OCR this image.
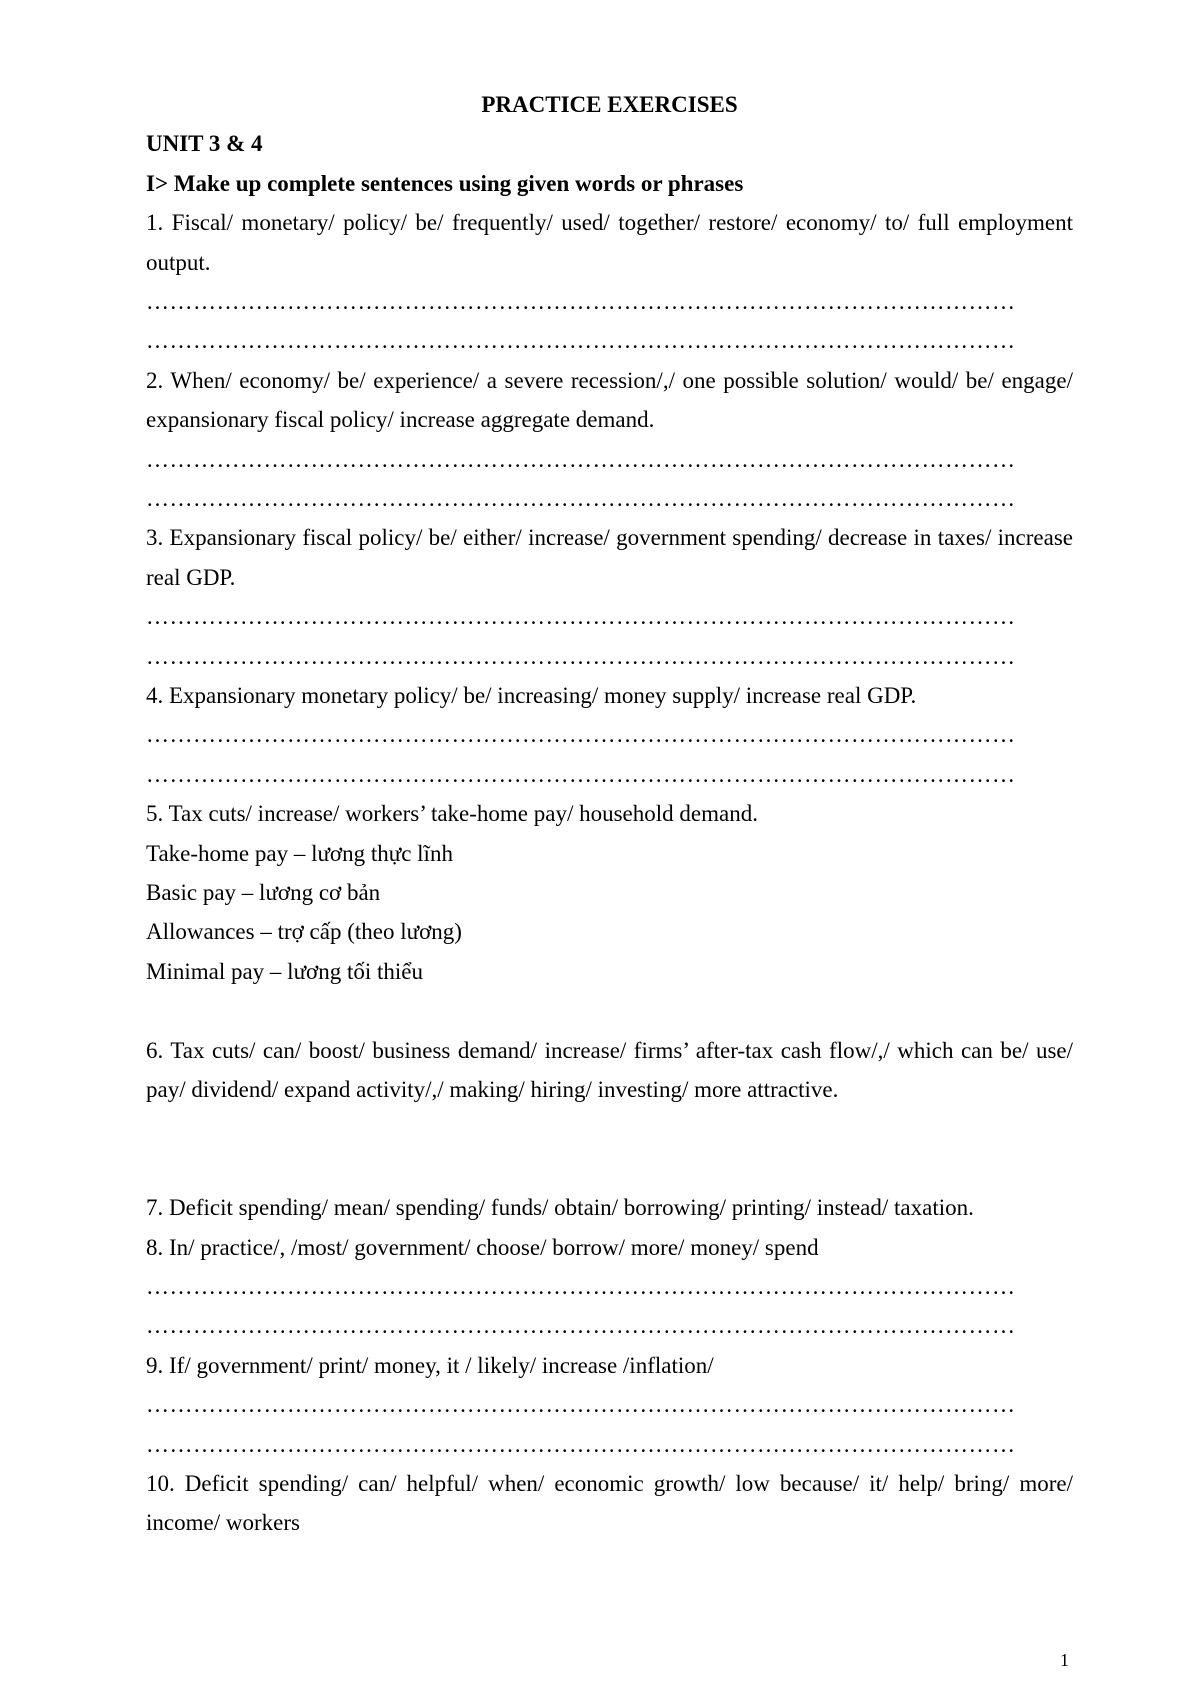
PRACTICE EXERCISES
UNIT 3 & 4
I> Make up complete sentences using given words or phrases

1. Fiscal/ monetary/ policy/ be/ frequently/ used/ together/ restore/ economy/ to/ full employment output.

…………………………………………………………………………………………………
…………………………………………………………………………………………………

2. When/ economy/ be/ experience/ a severe recession/,/ one possible solution/ would/ be/ engage/ expansionary fiscal policy/ increase aggregate demand.

…………………………………………………………………………………………………
…………………………………………………………………………………………………

3. Expansionary fiscal policy/ be/ either/ increase/ government spending/ decrease in taxes/ increase real GDP.

…………………………………………………………………………………………………
…………………………………………………………………………………………………

4. Expansionary monetary policy/ be/ increasing/ money supply/ increase real GDP.

…………………………………………………………………………………………………
…………………………………………………………………………………………………

5. Tax cuts/ increase/ workers’ take-home pay/ household demand.

Take-home pay – lương thực lĩnh

Basic pay – lương cơ bản

Allowances – trợ cấp (theo lương)

Minimal pay – lương tối thiểu

6. Tax cuts/ can/ boost/ business demand/ increase/ firms’ after-tax cash flow/,/ which can be/ use/ pay/ dividend/ expand activity/,/ making/ hiring/ investing/ more attractive.

7. Deficit spending/ mean/ spending/ funds/ obtain/ borrowing/ printing/ instead/ taxation.

8. In/ practice/, /most/ government/ choose/ borrow/ more/ money/ spend

…………………………………………………………………………………………………
…………………………………………………………………………………………………

9. If/ government/ print/ money, it / likely/ increase /inflation/

…………………………………………………………………………………………………
…………………………………………………………………………………………………

10. Deficit spending/ can/ helpful/ when/ economic growth/ low because/ it/ help/ bring/ more/ income/ workers

1
